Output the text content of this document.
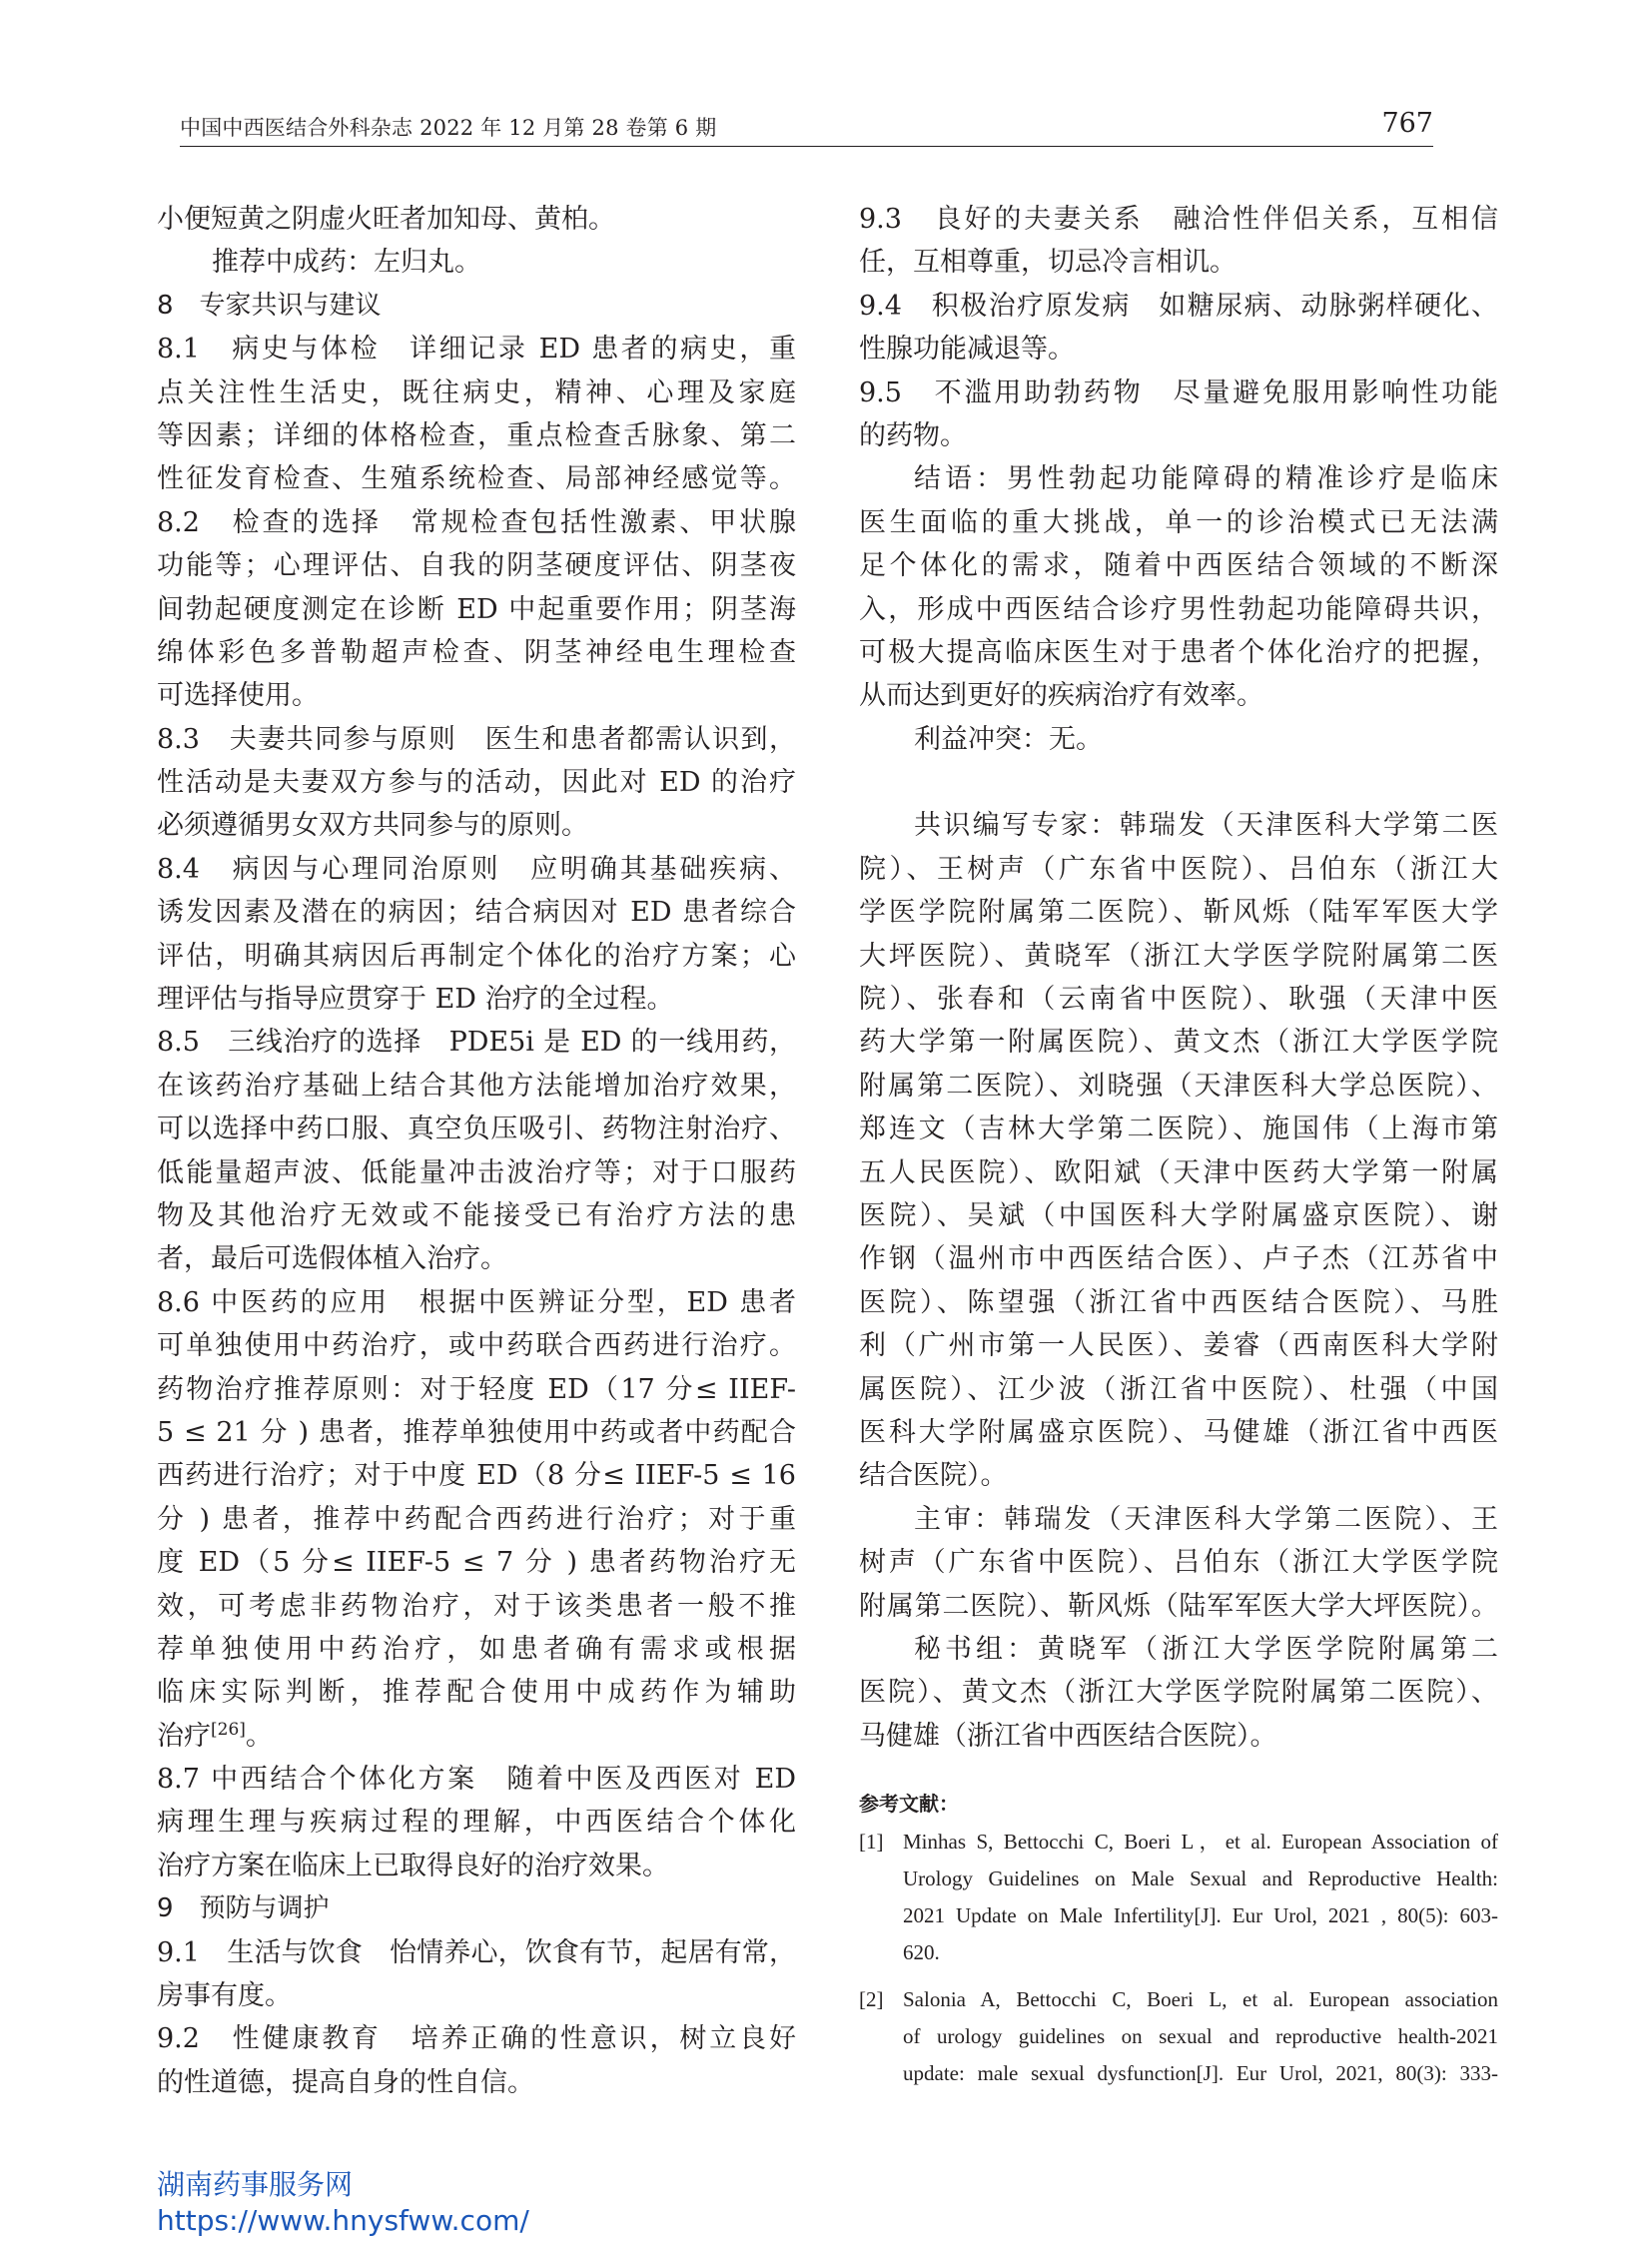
中国中西医结合外科杂志 2022 年 12 月第 28 卷第 6 期	767
小便短黄之阴虚火旺者加知母、黄柏。
推荐中成药：左归丸。
8　专家共识与建议
8.1　病史与体检　详细记录 ED 患者的病史，重
点关注性生活史，既往病史，精神、心理及家庭
等因素；详细的体格检查，重点检查舌脉象、第二
性征发育检查、生殖系统检查、局部神经感觉等。
8.2　检查的选择　常规检查包括性激素、甲状腺
功能等；心理评估、自我的阴茎硬度评估、阴茎夜
间勃起硬度测定在诊断 ED 中起重要作用；阴茎海
绵体彩色多普勒超声检查、阴茎神经电生理检查
可选择使用。
8.3　夫妻共同参与原则　医生和患者都需认识到，
性活动是夫妻双方参与的活动，因此对 ED 的治疗
必须遵循男女双方共同参与的原则。
8.4　病因与心理同治原则　应明确其基础疾病、
诱发因素及潜在的病因；结合病因对 ED 患者综合
评估，明确其病因后再制定个体化的治疗方案；心
理评估与指导应贯穿于 ED 治疗的全过程。
8.5　三线治疗的选择　PDE5i 是 ED 的一线用药，
在该药治疗基础上结合其他方法能增加治疗效果，
可以选择中药口服、真空负压吸引、药物注射治疗、
低能量超声波、低能量冲击波治疗等；对于口服药
物及其他治疗无效或不能接受已有治疗方法的患
者，最后可选假体植入治疗。
8.6 中医药的应用　根据中医辨证分型，ED 患者
可单独使用中药治疗，或中药联合西药进行治疗。
药物治疗推荐原则：对于轻度 ED（17 分≤ IIEF-
5 ≤ 21 分 ) 患者，推荐单独使用中药或者中药配合
西药进行治疗；对于中度 ED（8 分≤ IIEF-5 ≤ 16
分 ) 患者，推荐中药配合西药进行治疗；对于重
度 ED（5 分≤ IIEF-5 ≤ 7 分 ) 患者药物治疗无
效，可考虑非药物治疗，对于该类患者一般不推
荐单独使用中药治疗，如患者确有需求或根据
临床实际判断，推荐配合使用中成药作为辅助
治疗[26]。
8.7 中西结合个体化方案　随着中医及西医对 ED
病理生理与疾病过程的理解，中西医结合个体化
治疗方案在临床上已取得良好的治疗效果。
9　预防与调护
9.1　生活与饮食　怡情养心，饮食有节，起居有常，
房事有度。
9.2　性健康教育　培养正确的性意识，树立良好
的性道德，提高自身的性自信。
9.3　良好的夫妻关系　融洽性伴侣关系，互相信
任，互相尊重，切忌冷言相讥。
9.4　积极治疗原发病　如糖尿病、动脉粥样硬化、
性腺功能减退等。
9.5　不滥用助勃药物　尽量避免服用影响性功能
的药物。
结语：男性勃起功能障碍的精准诊疗是临床
医生面临的重大挑战，单一的诊治模式已无法满
足个体化的需求，随着中西医结合领域的不断深
入，形成中西医结合诊疗男性勃起功能障碍共识，
可极大提高临床医生对于患者个体化治疗的把握，
从而达到更好的疾病治疗有效率。
利益冲突：无。
共识编写专家：韩瑞发（天津医科大学第二医
院）、王树声（广东省中医院）、吕伯东（浙江大
学医学院附属第二医院）、靳风烁（陆军军医大学
大坪医院）、黄晓军（浙江大学医学院附属第二医
院）、张春和（云南省中医院）、耿强（天津中医
药大学第一附属医院）、黄文杰（浙江大学医学院
附属第二医院）、刘晓强（天津医科大学总医院）、
郑连文（吉林大学第二医院）、施国伟（上海市第
五人民医院）、欧阳斌（天津中医药大学第一附属
医院）、吴斌（中国医科大学附属盛京医院）、谢
作钢（温州市中西医结合医）、卢子杰（江苏省中
医院）、陈望强（浙江省中西医结合医院）、马胜
利（广州市第一人民医）、姜睿（西南医科大学附
属医院）、江少波（浙江省中医院）、杜强（中国
医科大学附属盛京医院）、马健雄（浙江省中西医
结合医院）。
主审：韩瑞发（天津医科大学第二医院）、王
树声（广东省中医院）、吕伯东（浙江大学医学院
附属第二医院）、靳风烁（陆军军医大学大坪医院）。
秘书组：黄晓军（浙江大学医学院附属第二
医院）、黄文杰（浙江大学医学院附属第二医院）、
马健雄（浙江省中西医结合医院）。
参考文献：
[1] Minhas S, Bettocchi C, Boeri L，et al. European Association of
Urology Guidelines on Male Sexual and Reproductive Health:
2021 Update on Male Infertility[J]. Eur Urol, 2021 , 80(5): 603-
620.
[2] Salonia A, Bettocchi C, Boeri L, et al. European association
of urology guidelines on sexual and reproductive health-2021
update: male sexual dysfunction[J]. Eur Urol, 2021, 80(3): 333-
湖南药事服务网
https://www.hnysfww.com/
